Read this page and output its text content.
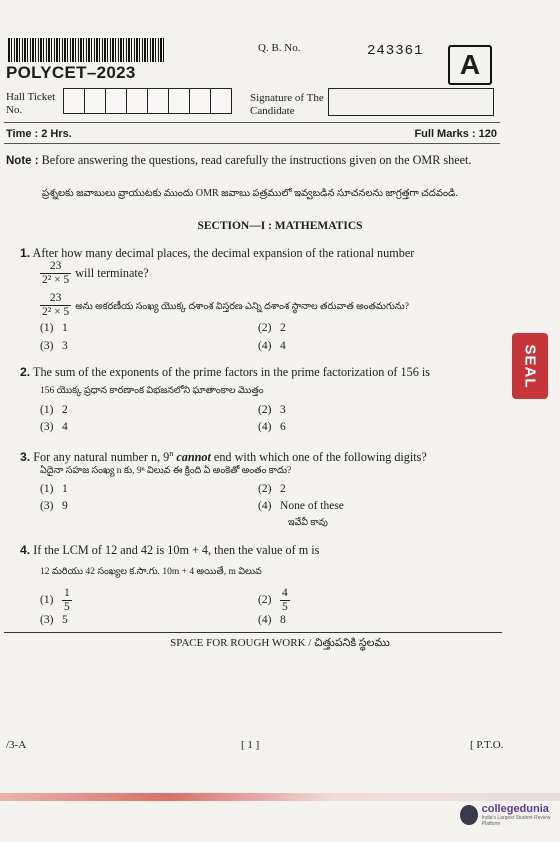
POLYCET–2023
Q. B. No.	243361	A
Hall Ticket No.
Signature of The Candidate
Time : 2 Hrs.	Full Marks : 120
Note : Before answering the questions, read carefully the instructions given on the OMR sheet.
ప్రశ్నలకు జవాబులు వ్రాయుటకు ముందు OMR జవాబు పత్రములో ఇవ్వబడిన సూచనలను జాగ్రత్తగా చదవండి.
SECTION—I : MATHEMATICS
1. After how many decimal places, the decimal expansion of the rational number
$\frac{23}{\text{2² × 5}}$ will terminate?
$\frac{23}{\text{2² × 5}}$ అను అకరణీయ సంఖ్య యొక్క దశాంశ విస్తరణ ఎన్ని దశాంశ స్థానాల తరువాత అంతమగును?
(1) 1	(2) 2
(3) 3	(4) 4
2. The sum of the exponents of the prime factors in the prime factorization of 156 is
156 యొక్క ప్రధాన కారణాంక విభజనలోని ఘాతాంకాల మొత్తం
(1) 2	(2) 3
(3) 4	(4) 6
3. For any natural number n, 9$^n$ cannot end with which one of the following digits?
ఏదైనా సహజ సంఖ్య n కు, 9ⁿ విలువ ఈ క్రింది ఏ అంకెతో అంతం కాదు?
(1) 1	(2) 2
(3) 9	(4) None of these
ఇవేవీ కావు
4. If the LCM of 12 and 42 is 10m + 4, then the value of m is
12 మరియు 42 సంఖ్యల క.సా.గు. 10m + 4 అయితే, m విలువ
$(1) \frac{1}{5}$	$(2) \frac{4}{5}$
(3) 5	(4) 8
SEAL
SPACE FOR ROUGH WORK / చిత్తుపనికి స్థలము
/3-A	[ 1 ]	[ P.T.O.
collegedunia
India's Largest Student Review Platform
